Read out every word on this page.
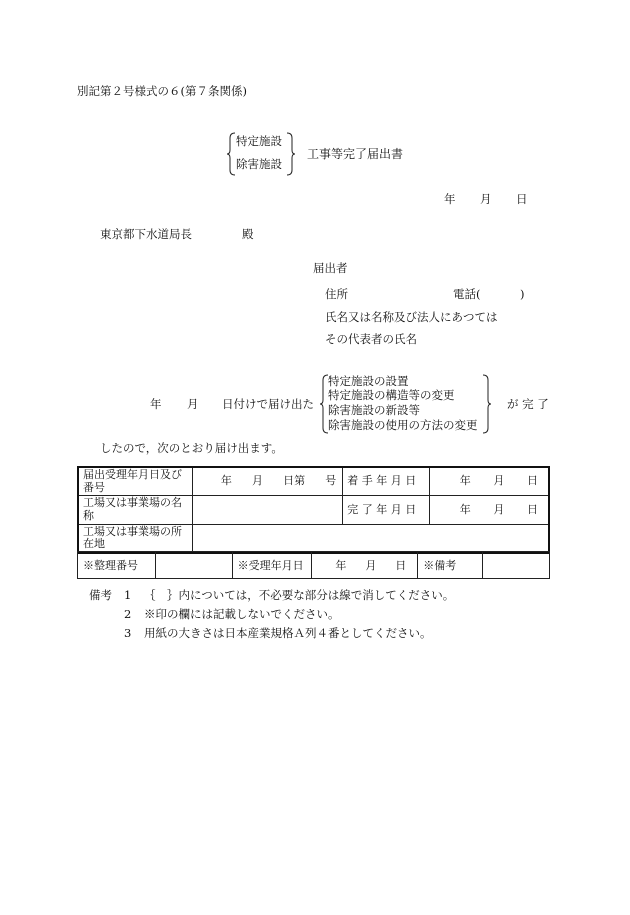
別記第２号様式の６(第７条関係)
特定施設
除害施設
工事等完了届出書
年 月 日
東京都下水道局長	殿
届出者
住所	電話(	)
氏名又は名称及び法人にあつては
その代表者の氏名
年 月 日付けで届け出た
特定施設の設置
特定施設の構造等の変更
除害施設の新設等
除害施設の使用の方法の変更
が 完 了
したので，次のとおり届け出ます。
届出受理年月日及び番号	年 月 日第 号	着 手 年 月 日	年 月 日

工場又は事業場の名称		完 了 年 月 日	年 月 日

工場又は事業場の所在地			
※整理番号		※受理年月日	年 月 日	※備考	
備考 1 ｛　｝内については，不必要な部分は線で消してください。
2 ※印の欄には記載しないでください。
3 用紙の大きさは日本産業規格Ａ列４番としてください。
